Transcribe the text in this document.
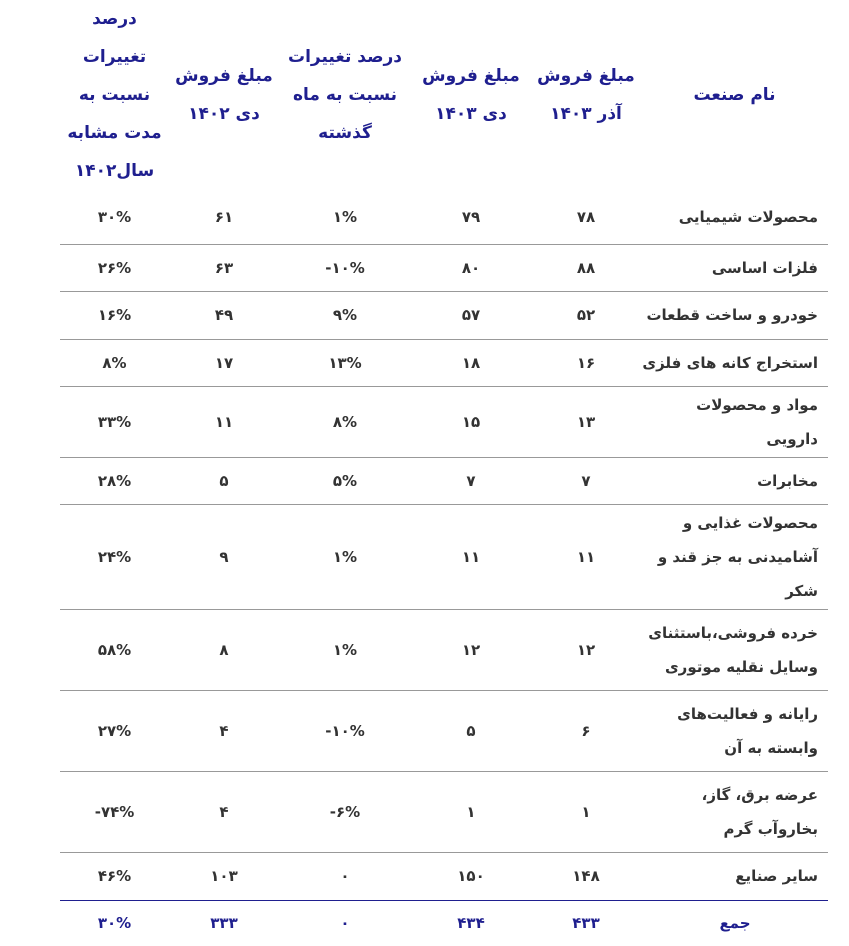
نام صنعت	مبلغ فروش آذر ۱۴۰۳	مبلغ فروش دی ۱۴۰۳	درصد تغییرات نسبت به ماه گذشته	مبلغ فروش دی ۱۴۰۲	درصد تغییرات نسبت به مدت مشابه سال۱۴۰۲
محصولات شیمیایی	۷۸	۷۹	۱%	۶۱	۳۰%
فلزات اساسی	۸۸	۸۰	۱۰%-	۶۳	۲۶%
خودرو و ساخت قطعات	۵۲	۵۷	۹%	۴۹	۱۶%
استخراج کانه های فلزی	۱۶	۱۸	۱۳%	۱۷	۸%
مواد و محصولات دارویی	۱۳	۱۵	۸%	۱۱	۳۳%
مخابرات	۷	۷	۵%	۵	۲۸%
محصولات غذایی و آشامیدنی به جز قند و شکر	۱۱	۱۱	۱%	۹	۲۴%
خرده فروشی،باستثنای وسایل نقلیه موتوری	۱۲	۱۲	۱%	۸	۵۸%
رایانه و فعالیت‌های وابسته به آن	۶	۵	۱۰%-	۴	۲۷%
عرضه برق، گاز، بخاروآب گرم	۱	۱	۶%-	۴	۷۴%-
سایر صنایع	۱۴۸	۱۵۰	۰	۱۰۳	۴۶%
جمع	۴۳۳	۴۳۴	۰	۳۳۳	۳۰%
